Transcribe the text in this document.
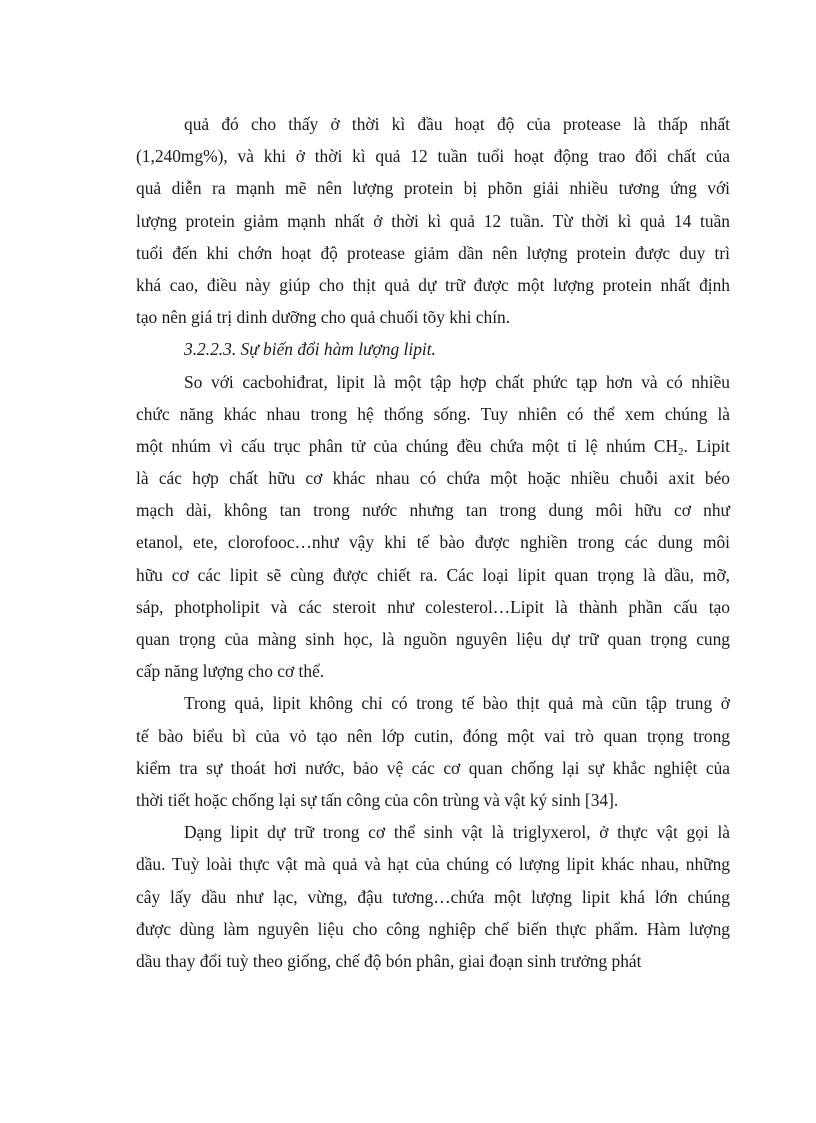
quả đó cho thấy ở thời kì đầu hoạt độ của protease là thấp nhất
(1,240mg%), và khi ở thời kì quả 12 tuần tuổi hoạt động trao đổi chất của
quả diễn ra mạnh mẽ nên lượng protein bị phõn giải nhiều tương ứng với
lượng protein giảm mạnh nhất ở thời kì quả 12 tuần. Từ thời kì quả 14 tuần
tuổi đến khi chớn hoạt độ protease giảm dần nên lượng protein được duy trì
khá cao, điều này giúp cho thịt quả dự trữ được một lượng protein nhất định
tạo nên giá trị dinh dưỡng cho quả chuối tõy khi chín.
3.2.2.3. Sự biến đổi hàm lượng lipit.
So với cacbohiđrat, lipit là một tập hợp chất phức tạp hơn và có nhiều
chức năng khác nhau trong hệ thống sống. Tuy nhiên có thể xem chúng là
một nhúm vì cấu trục phân tử của chúng đều chứa một tỉ lệ nhúm $CH_2$. Lipit
là các hợp chất hữu cơ khác nhau có chứa một hoặc nhiều chuỗi axit béo
mạch dài, không tan trong nước nhưng tan trong dung môi hữu cơ như
etanol, ete, clorofooc…như vậy khi tế bào được nghiền trong các dung môi
hữu cơ các lipit sẽ cùng được chiết ra. Các loại lipit quan trọng là dầu, mỡ,
sáp, photpholipit và các steroit như colesterol…Lipit là thành phần cấu tạo
quan trọng của màng sinh học, là nguồn nguyên liệu dự trữ quan trọng cung
cấp năng lượng cho cơ thể.
Trong quả, lipit không chỉ có trong tế bào thịt quả mà cũn tập trung ở
tế bào biểu bì của vỏ tạo nên lớp cutin, đóng một vai trò quan trọng trong
kiểm tra sự thoát hơi nước, bảo vệ các cơ quan chống lại sự khắc nghiệt của
thời tiết hoặc chống lại sự tấn công của côn trùng và vật ký sinh [34].
Dạng lipit dự trữ trong cơ thể sinh vật là triglyxerol, ở thực vật gọi là
dầu. Tuỳ loài thực vật mà quả và hạt của chúng có lượng lipit khác nhau, những
cây lấy dầu như lạc, vừng, đậu tương…chứa một lượng lipit khá lớn chúng
được dùng làm nguyên liệu cho công nghiệp chế biến thực phẩm. Hàm lượng
dầu thay đổi tuỳ theo giống, chế độ bón phân, giai đoạn sinh trưởng phát
